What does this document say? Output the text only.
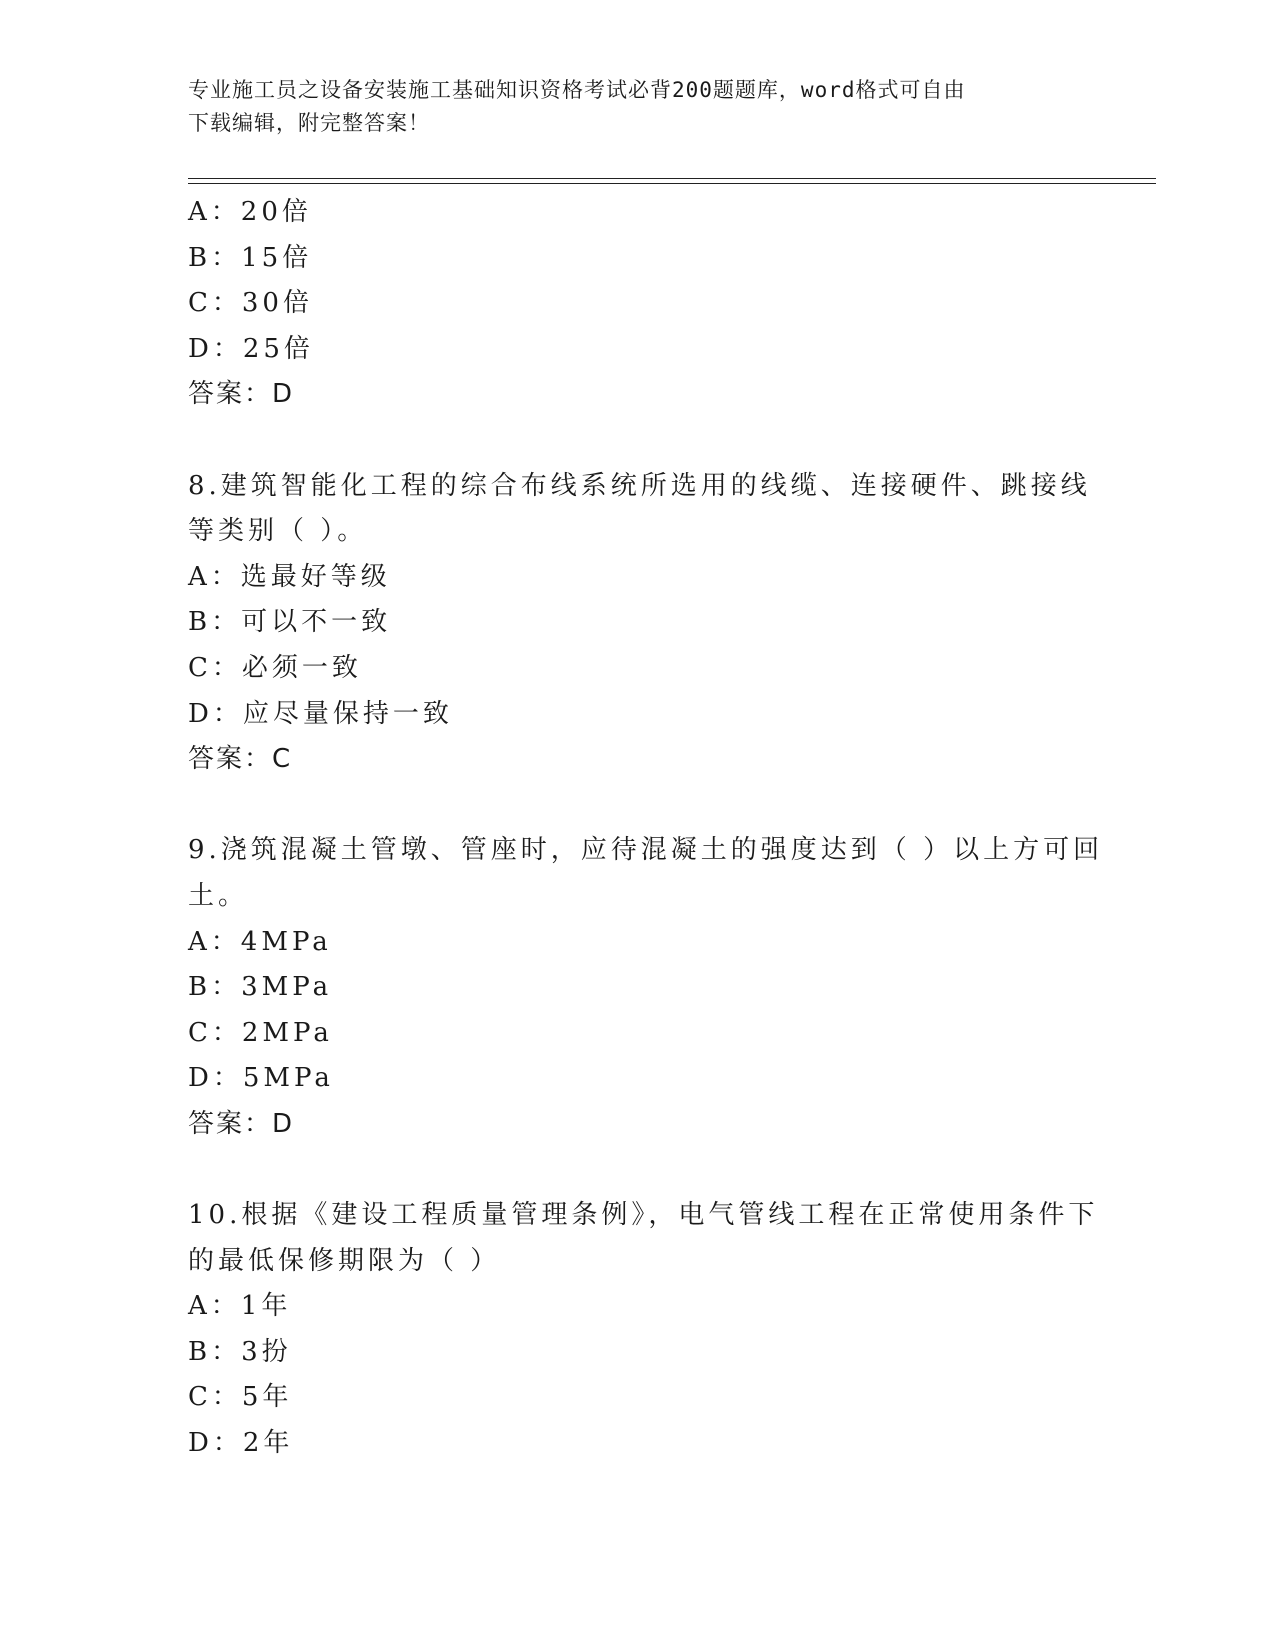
专业施工员之设备安装施工基础知识资格考试必背200题题库，word格式可自由
下载编辑，附完整答案！
A：20倍
B：15倍
C：30倍
D：25倍
答案：D
8.建筑智能化工程的综合布线系统所选用的线缆、连接硬件、跳接线
等类别（ ）。
A：选最好等级
B：可以不一致
C：必须一致
D：应尽量保持一致
答案：C
9.浇筑混凝土管墩、管座时，应待混凝土的强度达到（ ）以上方可回
土。
A：4MPa
B：3MPa
C：2MPa
D：5MPa
答案：D
10.根据《建设工程质量管理条例》，电气管线工程在正常使用条件下
的最低保修期限为（ ）
A：1年
B：3扮
C：5年
D：2年
